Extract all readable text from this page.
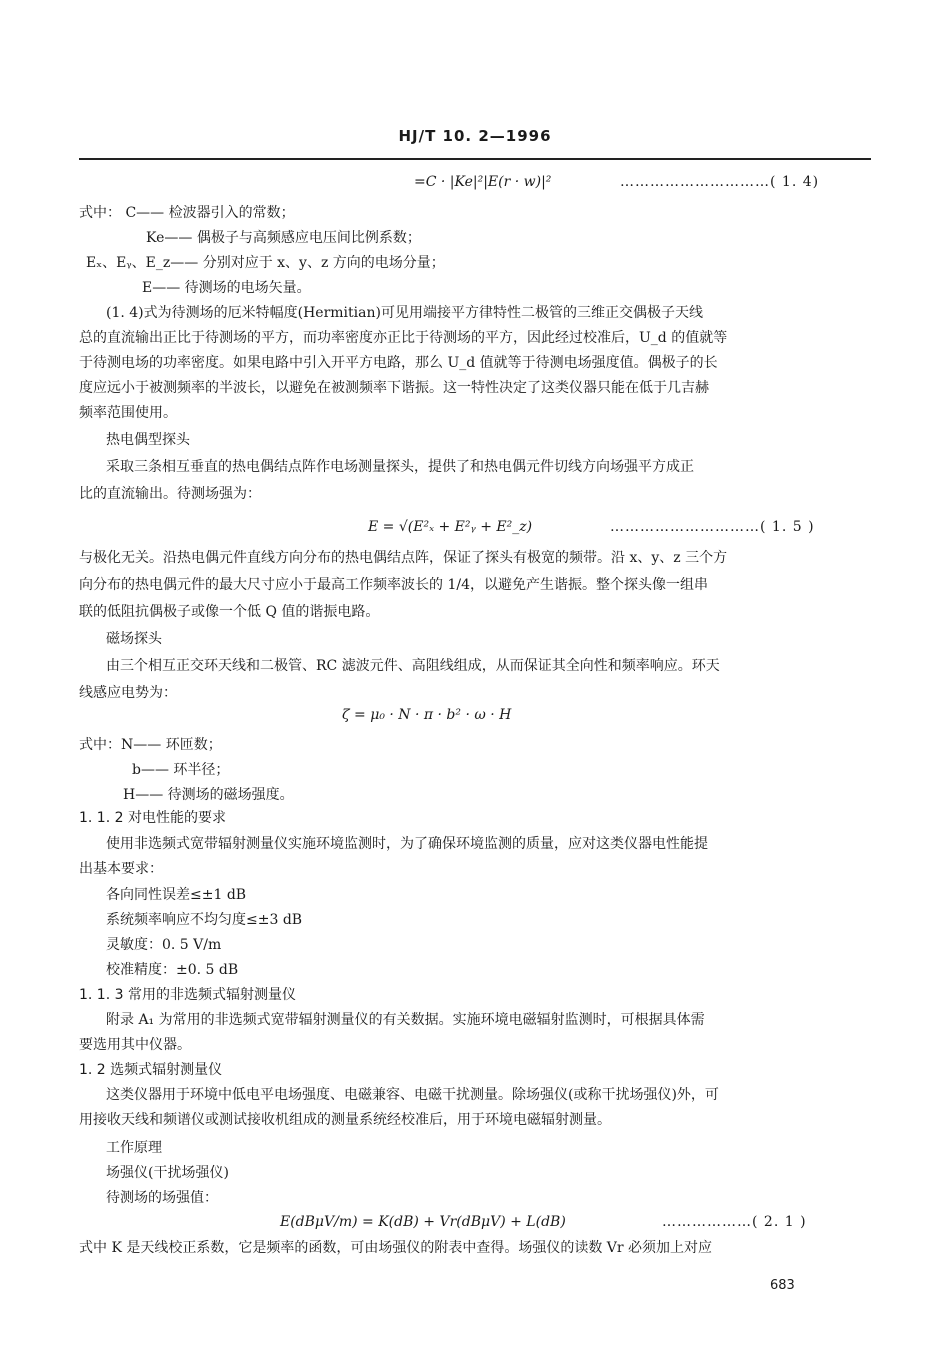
HJ/T 10. 2—1996
=C · |Ke|²|E(r · w)|²	…………………………( 1. 4)
式中： C—— 检波器引入的常数；
Ke—— 偶极子与高频感应电压间比例系数；
Eₓ、Eᵧ、E_z—— 分别对应于 x、y、z 方向的电场分量；
E—— 待测场的电场矢量。
(1. 4)式为待测场的厄米特幅度(Hermitian)可见用端接平方律特性二极管的三维正交偶极子天线
总的直流输出正比于待测场的平方，而功率密度亦正比于待测场的平方，因此经过校准后，U_d 的值就等
于待测电场的功率密度。如果电路中引入开平方电路，那么 U_d 值就等于待测电场强度值。偶极子的长
度应远小于被测频率的半波长，以避免在被测频率下谐振。这一特性决定了这类仪器只能在低于几吉赫
频率范围使用。
热电偶型探头
采取三条相互垂直的热电偶结点阵作电场测量探头，提供了和热电偶元件切线方向场强平方成正
比的直流输出。待测场强为：
E = √(E²ₓ + E²ᵧ + E²_z)	…………………………( 1. 5 )
与极化无关。沿热电偶元件直线方向分布的热电偶结点阵，保证了探头有极宽的频带。沿 x、y、z 三个方
向分布的热电偶元件的最大尺寸应小于最高工作频率波长的 1/4，以避免产生谐振。整个探头像一组串
联的低阻抗偶极子或像一个低 Q 值的谐振电路。
磁场探头
由三个相互正交环天线和二极管、RC 滤波元件、高阻线组成，从而保证其全向性和频率响应。环天
线感应电势为：
ζ = μ₀ · N · π · b² · ω · H
式中：N—— 环匝数；
b—— 环半径；
H—— 待测场的磁场强度。
1. 1. 2 对电性能的要求
使用非选频式宽带辐射测量仪实施环境监测时，为了确保环境监测的质量，应对这类仪器电性能提
出基本要求：
各向同性误差≤±1 dB
系统频率响应不均匀度≤±3 dB
灵敏度：0. 5 V/m
校准精度：±0. 5 dB
1. 1. 3 常用的非选频式辐射测量仪
附录 A₁ 为常用的非选频式宽带辐射测量仪的有关数据。实施环境电磁辐射监测时，可根据具体需
要选用其中仪器。
1. 2 选频式辐射测量仪
这类仪器用于环境中低电平电场强度、电磁兼容、电磁干扰测量。除场强仪(或称干扰场强仪)外，可
用接收天线和频谱仪或测试接收机组成的测量系统经校准后，用于环境电磁辐射测量。
工作原理
场强仪(干扰场强仪)
待测场的场强值：
E(dBμV/m) = K(dB) + Vr(dBμV) + L(dB)	………………( 2. 1 )
式中 K 是天线校正系数，它是频率的函数，可由场强仪的附表中查得。场强仪的读数 Vr 必须加上对应
683
